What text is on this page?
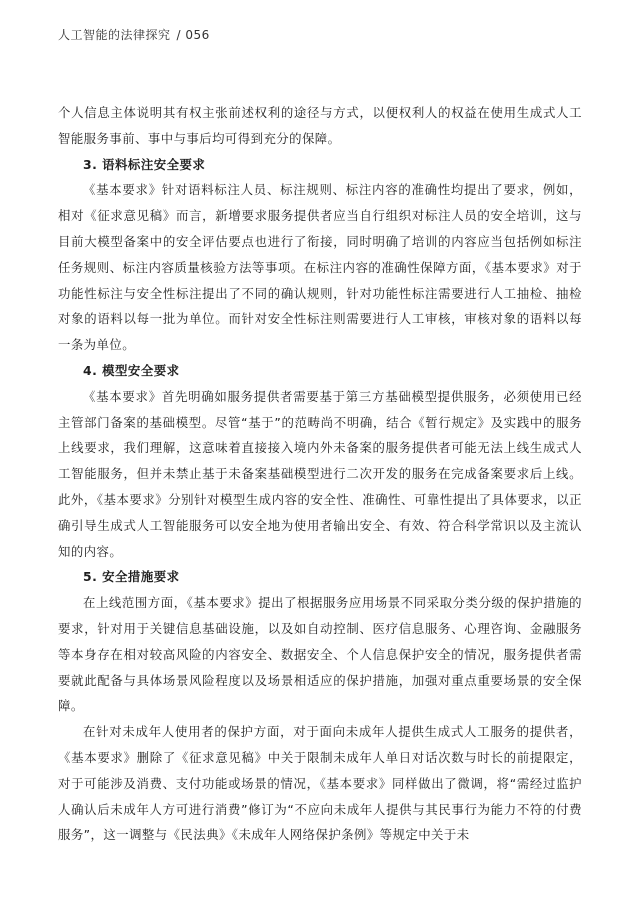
人工智能的法律探究 / 056

个人信息主体说明其有权主张前述权利的途径与方式，以便权利人的权益在使用生成式人工智能服务事前、事中与事后均可得到充分的保障。

3. 语料标注安全要求

《基本要求》针对语料标注人员、标注规则、标注内容的准确性均提出了要求，例如，相对《征求意见稿》而言，新增要求服务提供者应当自行组织对标注人员的安全培训，这与目前大模型备案中的安全评估要点也进行了衔接，同时明确了培训的内容应当包括例如标注任务规则、标注内容质量核验方法等事项。在标注内容的准确性保障方面，《基本要求》对于功能性标注与安全性标注提出了不同的确认规则，针对功能性标注需要进行人工抽检、抽检对象的语料以每一批为单位。而针对安全性标注则需要进行人工审核，审核对象的语料以每一条为单位。

4. 模型安全要求

《基本要求》首先明确如服务提供者需要基于第三方基础模型提供服务，必须使用已经主管部门备案的基础模型。尽管“基于”的范畴尚不明确，结合《暂行规定》及实践中的服务上线要求，我们理解，这意味着直接接入境内外未备案的服务提供者可能无法上线生成式人工智能服务，但并未禁止基于未备案基础模型进行二次开发的服务在完成备案要求后上线。此外，《基本要求》分别针对模型生成内容的安全性、准确性、可靠性提出了具体要求，以正确引导生成式人工智能服务可以安全地为使用者输出安全、有效、符合科学常识以及主流认知的内容。

5. 安全措施要求

在上线范围方面，《基本要求》提出了根据服务应用场景不同采取分类分级的保护措施的要求，针对用于关键信息基础设施，以及如自动控制、医疗信息服务、心理咨询、金融服务等本身存在相对较高风险的内容安全、数据安全、个人信息保护安全的情况，服务提供者需要就此配备与具体场景风险程度以及场景相适应的保护措施，加强对重点重要场景的安全保障。

在针对未成年人使用者的保护方面，对于面向未成年人提供生成式人工服务的提供者，《基本要求》删除了《征求意见稿》中关于限制未成年人单日对话次数与时长的前提限定，对于可能涉及消费、支付功能或场景的情况，《基本要求》同样做出了微调，将“需经过监护人确认后未成年人方可进行消费”修订为“不应向未成年人提供与其民事行为能力不符的付费服务”，这一调整与《民法典》《未成年人网络保护条例》等规定中关于未
